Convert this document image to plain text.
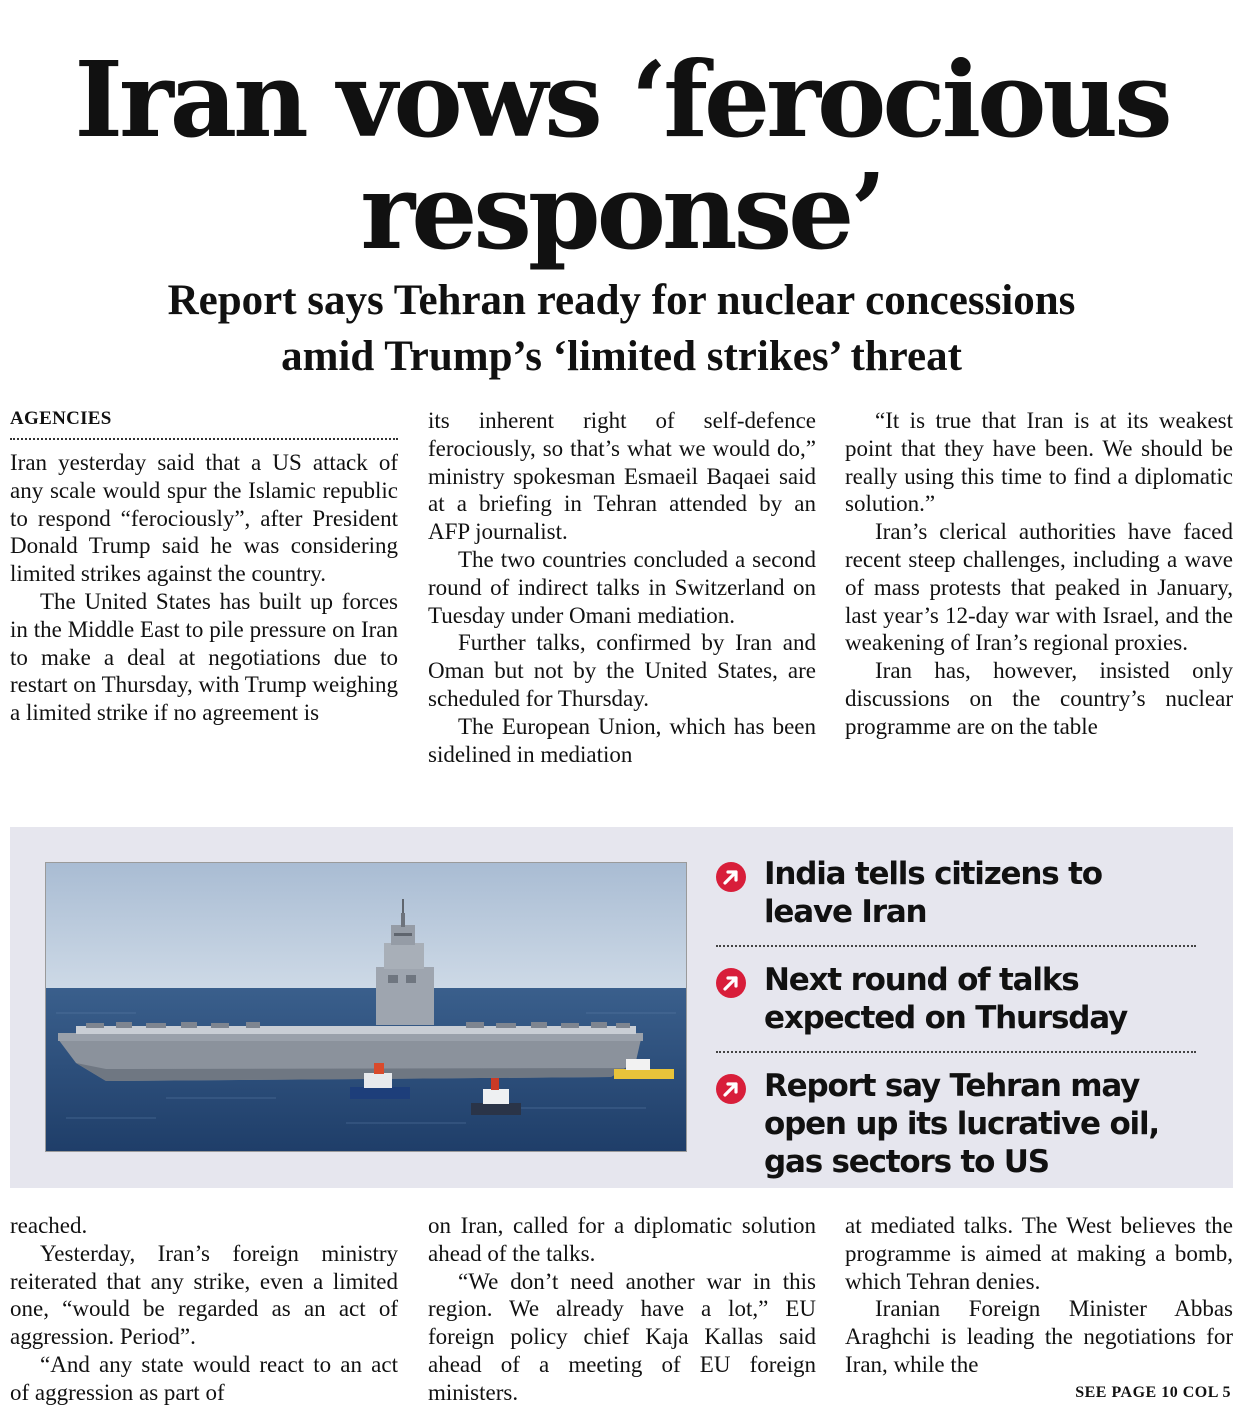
Iran vows ‘ferocious
response’
Report says Tehran ready for nuclear concessions
amid Trump’s ‘limited strikes’ threat
AGENCIES

Iran yesterday said that a US attack of any scale would spur the Islamic republic to respond “ferociously”, after President Donald Trump said he was considering limited strikes against the country.

The United States has built up forces in the Middle East to pile pressure on Iran to make a deal at negotiations due to restart on Thursday, with Trump weighing a limited strike if no agreement is

its inherent right of self-defence ferociously, so that’s what we would do,” ministry spokesman Esmaeil Baqaei said at a briefing in Tehran attended by an AFP journalist.

The two countries concluded a second round of indirect talks in Switzerland on Tuesday under Omani mediation.

Further talks, confirmed by Iran and Oman but not by the United States, are scheduled for Thursday.

The European Union, which has been sidelined in mediation

“It is true that Iran is at its weakest point that they have been. We should be really using this time to find a diplomatic solution.”

Iran’s clerical authorities have faced recent steep challenges, including a wave of mass protests that peaked in January, last year’s 12-day war with Israel, and the weakening of Iran’s regional proxies.

Iran has, however, insisted only discussions on the country’s nuclear programme are on the table

India tells citizens to leave Iran
Next round of talks expected on Thursday
Report say Tehran may open up its lucrative oil, gas sectors to US

reached.

Yesterday, Iran’s foreign ministry reiterated that any strike, even a limited one, “would be regarded as an act of aggression. Period”.

“And any state would react to an act of aggression as part of

on Iran, called for a diplomatic solution ahead of the talks.

“We don’t need another war in this region. We already have a lot,” EU foreign policy chief Kaja Kallas said ahead of a meeting of EU foreign ministers.

at mediated talks. The West believes the programme is aimed at making a bomb, which Tehran denies.

Iranian Foreign Minister Abbas Araghchi is leading the negotiations for Iran, while the

SEE PAGE 10 COL 5
